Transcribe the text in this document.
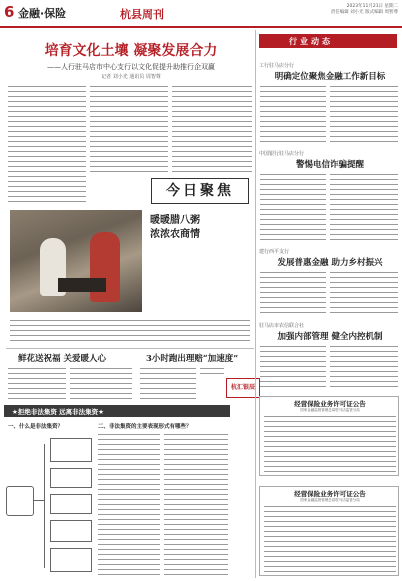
6 金融·保险	杭县周刊
2023年11月21日 星期二
责任编辑 刘小光 版式编辑 周智尊
培育文化土壤 凝聚发展合力
——人行驻马店市中心支行以文化促提升助推行企双赢
记者 刘小光 通讯员 周智尊
今日聚焦
暖暖腊八粥
浓浓农商情
鲜花送祝福 关爱暖人心	3小时跑出理赔“加速度”
杭汇银辰
★拒绝非法集资 远离非法集资★
一、什么是非法集资？	二、非法集资的主要表现形式有哪些？
行业动态
工行驻马店分行
明确定位聚焦金融工作新目标
中国银行驻马店分行
警惕电信诈骗提醒
建行西平支行
发展普惠金融 助力乡村振兴
驻马店市农信联合社
加强内部管理 健全内控机制
经营保险业务许可证公告
国家金融监督管理总局驻马店监管分局
经营保险业务许可证公告
国家金融监督管理总局驻马店监管分局
